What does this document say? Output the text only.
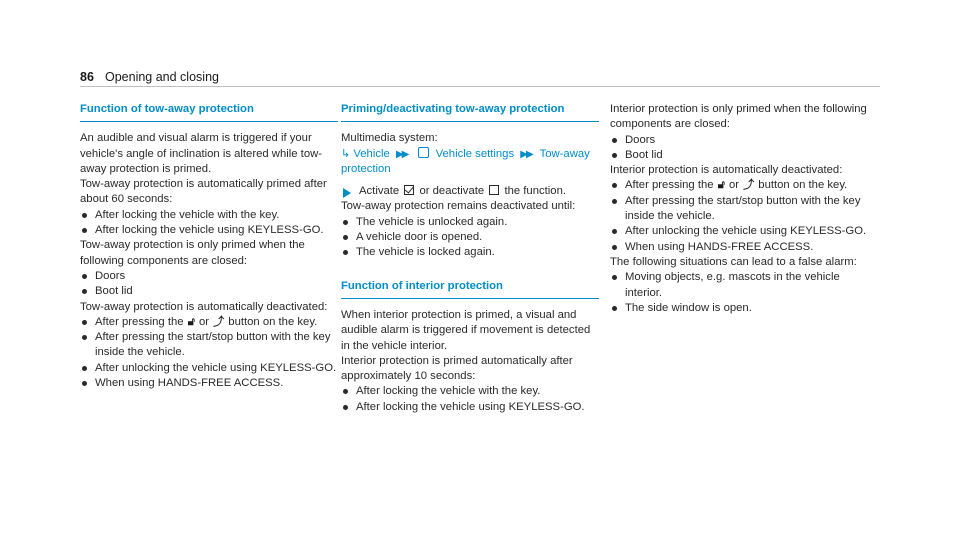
86 Opening and closing
Function of tow-away protection

An audible and visual alarm is triggered if your vehicle's angle of inclination is altered while tow-away protection is primed.

Tow-away protection is automatically primed after about 60 seconds:

After locking the vehicle with the key.
After locking the vehicle using KEYLESS-GO.

Tow-away protection is only primed when the following components are closed:

Doors
Boot lid

Tow-away protection is automatically deactivated:

After pressing the 🔓︎ or ⤴ button on the key.
After pressing the start/stop button with the key inside the vehicle.
After unlocking the vehicle using KEYLESS-GO.
When using HANDS-FREE ACCESS.
Priming/deactivating tow-away protection

Multimedia system:

↳ Vehicle ▶▶	Vehicle settings ▶▶ Tow-away protection

Activate or deactivate the function.

Tow-away protection remains deactivated until:

The vehicle is unlocked again.
A vehicle door is opened.
The vehicle is locked again.
Function of interior protection

When interior protection is primed, a visual and audible alarm is triggered if movement is detected in the vehicle interior.

Interior protection is primed automatically after approximately 10 seconds:

After locking the vehicle with the key.
After locking the vehicle using KEYLESS-GO.

Interior protection is only primed when the following components are closed:

Doors
Boot lid

Interior protection is automatically deactivated:

After pressing the 🔓︎ or ⤴ button on the key.
After pressing the start/stop button with the key inside the vehicle.
After unlocking the vehicle using KEYLESS-GO.
When using HANDS-FREE ACCESS.

The following situations can lead to a false alarm:

Moving objects, e.g. mascots in the vehicle interior.
The side window is open.
